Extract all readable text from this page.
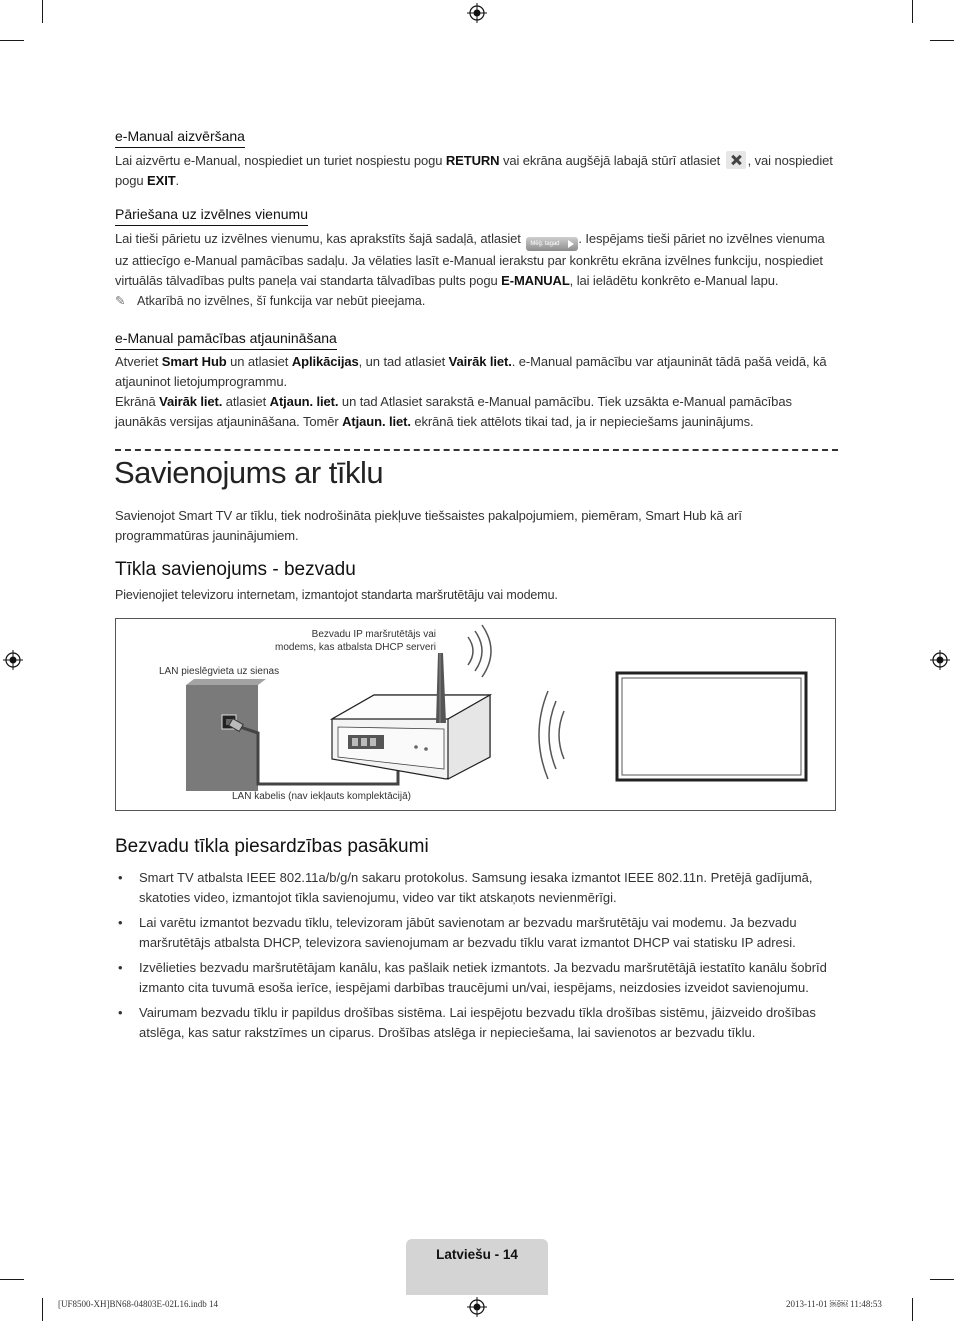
e-Manual aizvēršana
Lai aizvērtu e-Manual, nospiediet un turiet nospiestu pogu RETURN vai ekrāna augšējā labajā stūrī atlasiet , vai nospiediet pogu EXIT.
Pāriešana uz izvēlnes vienumu
Lai tieši pārietu uz izvēlnes vienumu, kas aprakstīts šajā sadaļā, atlasiet Mēģ. tagad . Iespējams tieši pāriet no izvēlnes vienuma uz attiecīgo e-Manual pamācības sadaļu. Ja vēlaties lasīt e-Manual ierakstu par konkrētu ekrāna izvēlnes funkciju, nospiediet virtuālās tālvadības pults paneļa vai standarta tālvadības pults pogu E-MANUAL, lai ielādētu konkrēto e-Manual lapu.
✎ Atkarībā no izvēlnes, šī funkcija var nebūt pieejama.
e-Manual pamācības atjaunināšana
Atveriet Smart Hub un atlasiet Aplikācijas, un tad atlasiet Vairāk liet.. e-Manual pamācību var atjaunināt tādā pašā veidā, kā atjauninot lietojumprogrammu.
Ekrānā Vairāk liet. atlasiet Atjaun. liet. un tad Atlasiet sarakstā e-Manual pamācību. Tiek uzsākta e-Manual pamācības jaunākās versijas atjaunināšana. Tomēr Atjaun. liet. ekrānā tiek attēlots tikai tad, ja ir nepieciešams jauninājums.
Savienojums ar tīklu
Savienojot Smart TV ar tīklu, tiek nodrošināta piekļuve tiešsaistes pakalpojumiem, piemēram, Smart Hub kā arī programmatūras jauninājumiem.
Tīkla savienojums - bezvadu
Pievienojiet televizoru internetam, izmantojot standarta maršrutētāju vai modemu.
Bezvadu IP maršrutētājs vai
modems, kas atbalsta DHCP serveri
LAN pieslēgvieta uz sienas
LAN kabelis (nav iekļauts komplektācijā)
Bezvadu tīkla piesardzības pasākumi
• Smart TV atbalsta IEEE 802.11a/b/g/n sakaru protokolus. Samsung iesaka izmantot IEEE 802.11n. Pretējā gadījumā, skatoties video, izmantojot tīkla savienojumu, video var tikt atskaņots nevienmērīgi.
• Lai varētu izmantot bezvadu tīklu, televizoram jābūt savienotam ar bezvadu maršrutētāju vai modemu. Ja bezvadu maršrutētājs atbalsta DHCP, televizora savienojumam ar bezvadu tīklu varat izmantot DHCP vai statisku IP adresi.
• Izvēlieties bezvadu maršrutētājam kanālu, kas pašlaik netiek izmantots. Ja bezvadu maršrutētājā iestatīto kanālu šobrīd izmanto cita tuvumā esoša ierīce, iespējami darbības traucējumi un/vai, iespējams, neizdosies izveidot savienojumu.
• Vairumam bezvadu tīklu ir papildus drošības sistēma. Lai iespējotu bezvadu tīkla drošības sistēmu, jāizveido drošības atslēga, kas satur rakstzīmes un ciparus. Drošības atslēga ir nepieciešama, lai savienotos ar bezvadu tīklu.
Latviešu - 14
[UF8500-XH]BN68-04803E-02L16.indb 14	2013-11-01 ￼￼ 11:48:53
